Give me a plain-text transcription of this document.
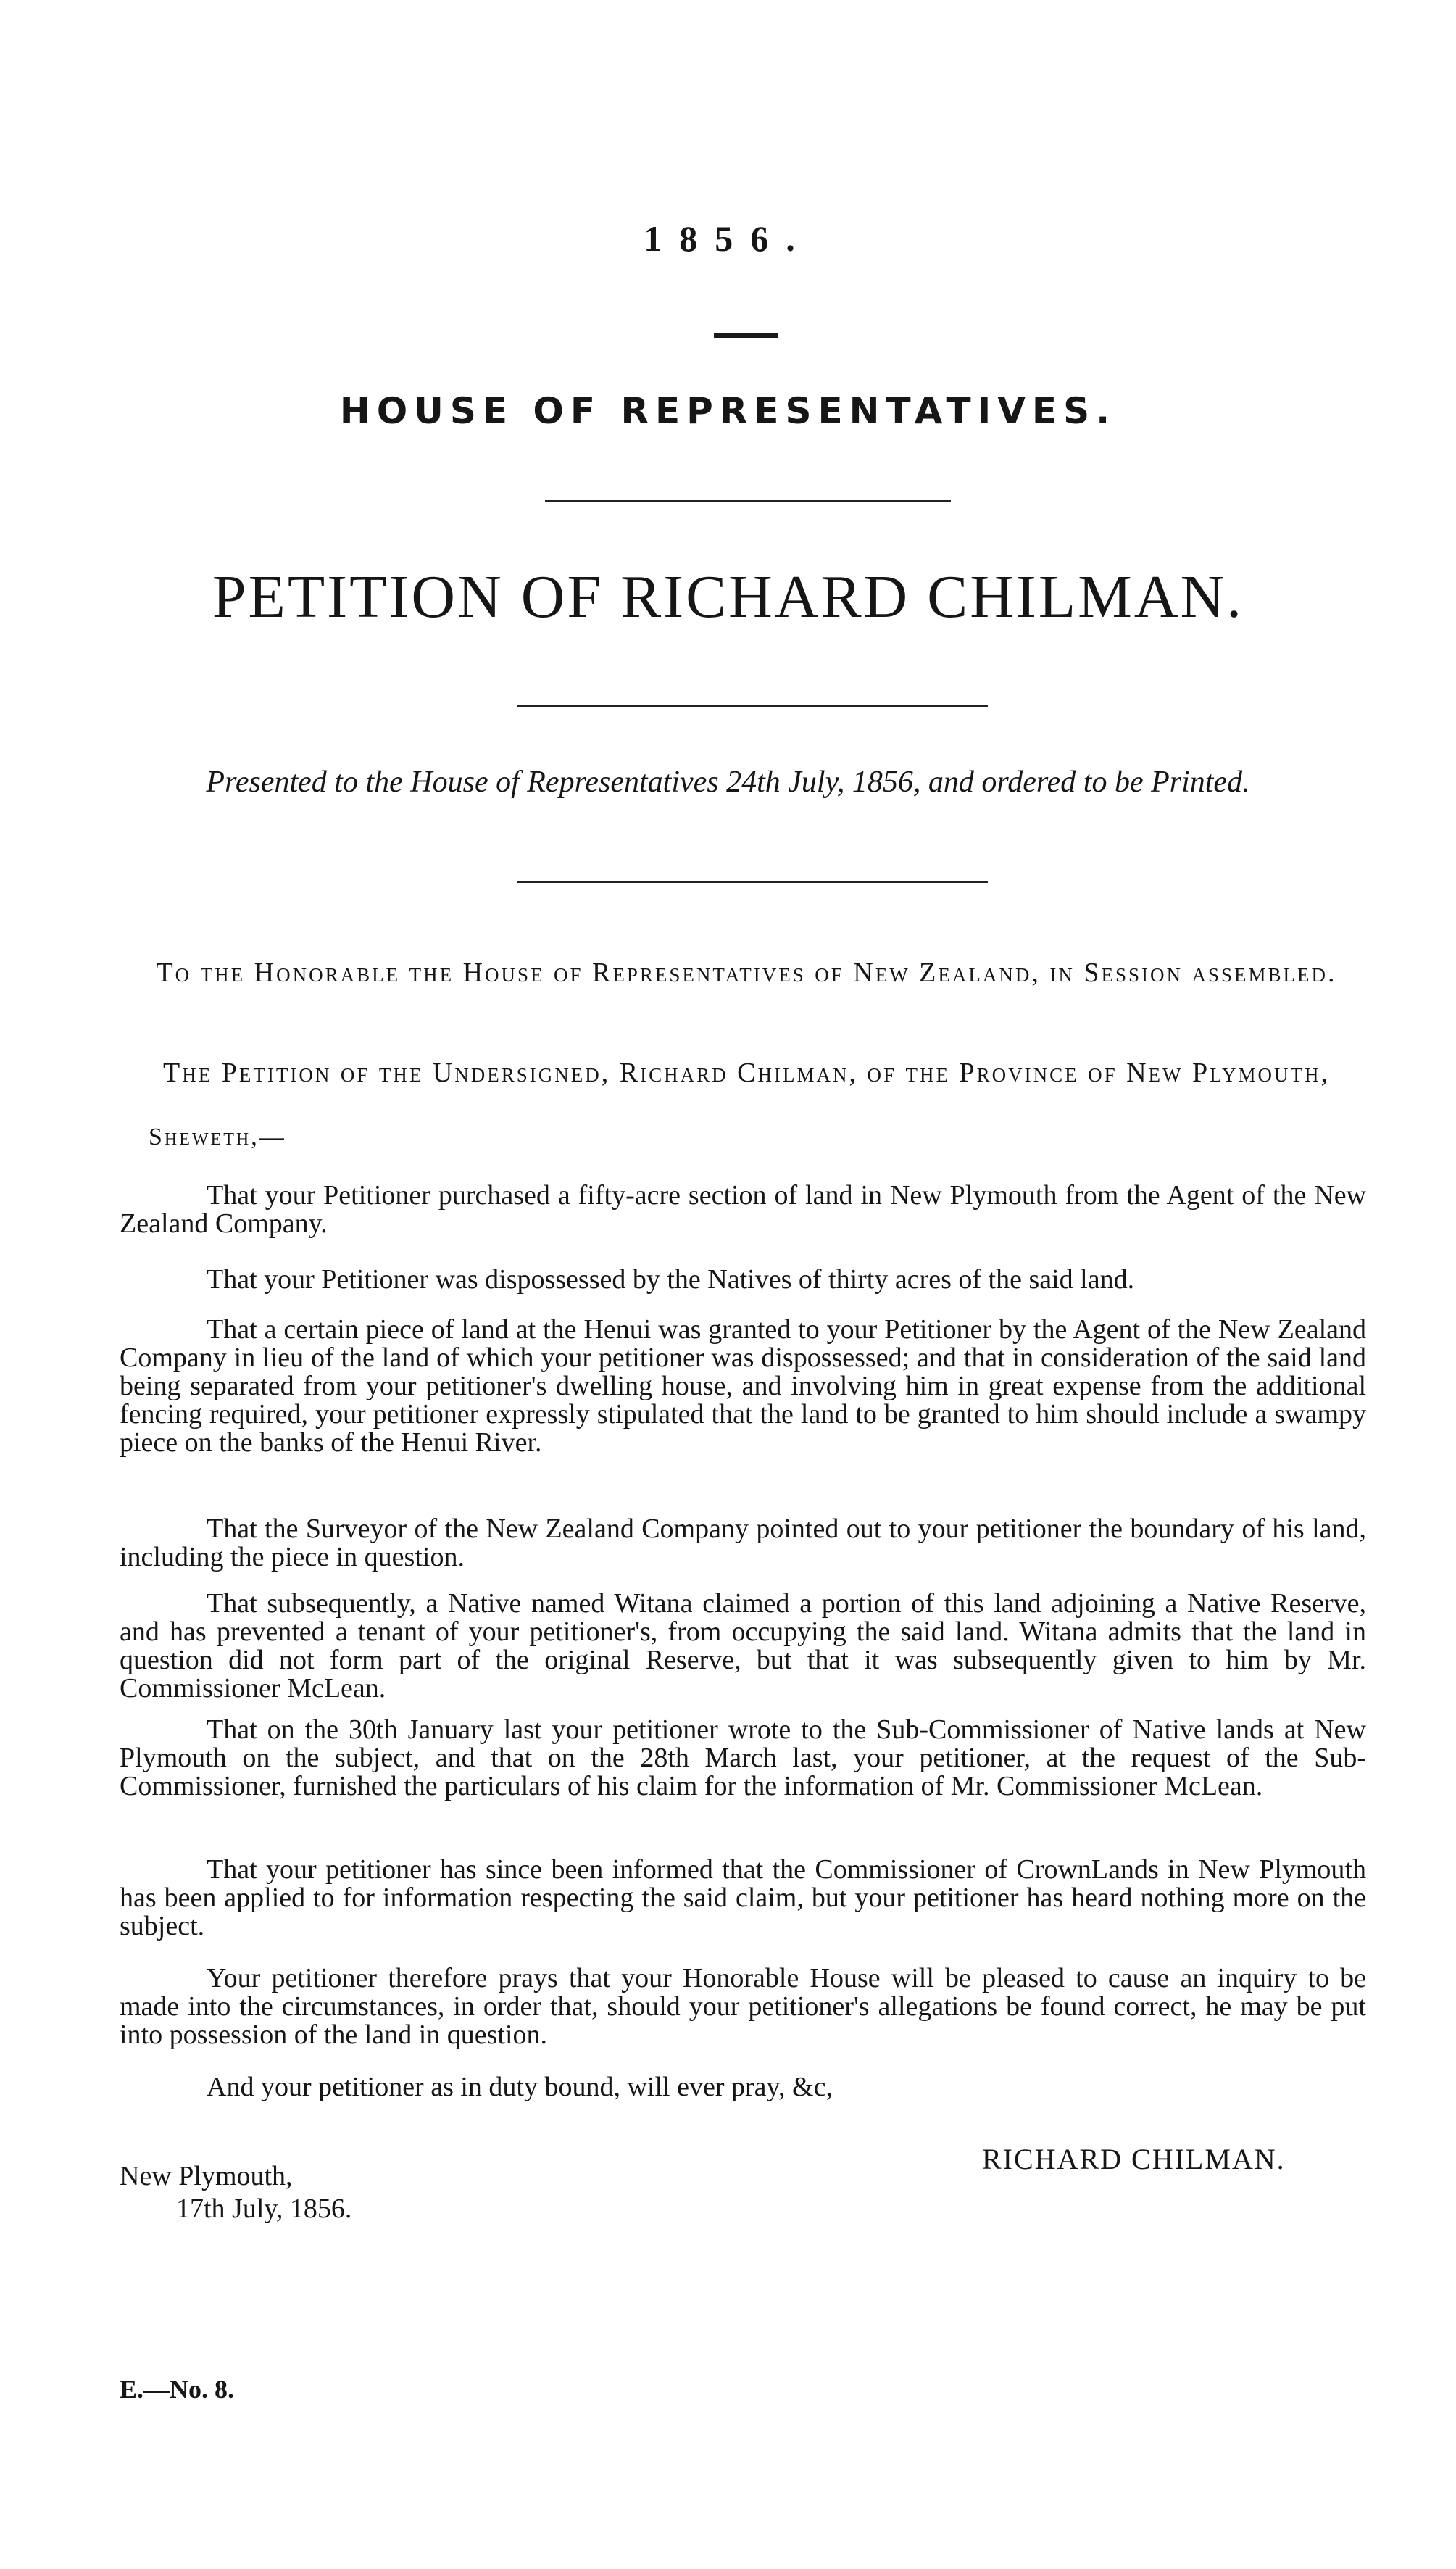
1856.
HOUSE OF REPRESENTATIVES.
PETITION OF RICHARD CHILMAN.
Presented to the House of Representatives 24th July, 1856, and ordered to be Printed.
To the Honorable the House of Representatives of New Zealand, in Session assembled.
The Petition of the Undersigned, Richard Chilman, of the Province of New Plymouth,
Sheweth,—
That your Petitioner purchased a fifty-acre section of land in New Plymouth from the Agent of the New Zealand Company.
That your Petitioner was dispossessed by the Natives of thirty acres of the said land.
That a certain piece of land at the Henui was granted to your Petitioner by the Agent of the New Zealand Company in lieu of the land of which your petitioner was dispossessed; and that in consideration of the said land being separated from your petitioner's dwelling house, and involving him in great expense from the additional fencing required, your petitioner expressly stipulated that the land to be granted to him should include a swampy piece on the banks of the Henui River.
That the Surveyor of the New Zealand Company pointed out to your petitioner the boundary of his land, including the piece in question.
That subsequently, a Native named Witana claimed a portion of this land adjoining a Native Reserve, and has prevented a tenant of your petitioner's, from occupying the said land. Witana admits that the land in question did not form part of the original Reserve, but that it was subsequently given to him by Mr. Commissioner McLean.
That on the 30th January last your petitioner wrote to the Sub-Commissioner of Native lands at New Plymouth on the subject, and that on the 28th March last, your petitioner, at the request of the Sub-Commissioner, furnished the particulars of his claim for the information of Mr. Commissioner McLean.
That your petitioner has since been informed that the Commissioner of CrownLands in New Plymouth has been applied to for information respecting the said claim, but your petitioner has heard nothing more on the subject.
Your petitioner therefore prays that your Honorable House will be pleased to cause an inquiry to be made into the circumstances, in order that, should your petitioner's allegations be found correct, he may be put into possession of the land in question.
And your petitioner as in duty bound, will ever pray, &c,
RICHARD CHILMAN.
New Plymouth,
17th July, 1856.
E.—No. 8.
